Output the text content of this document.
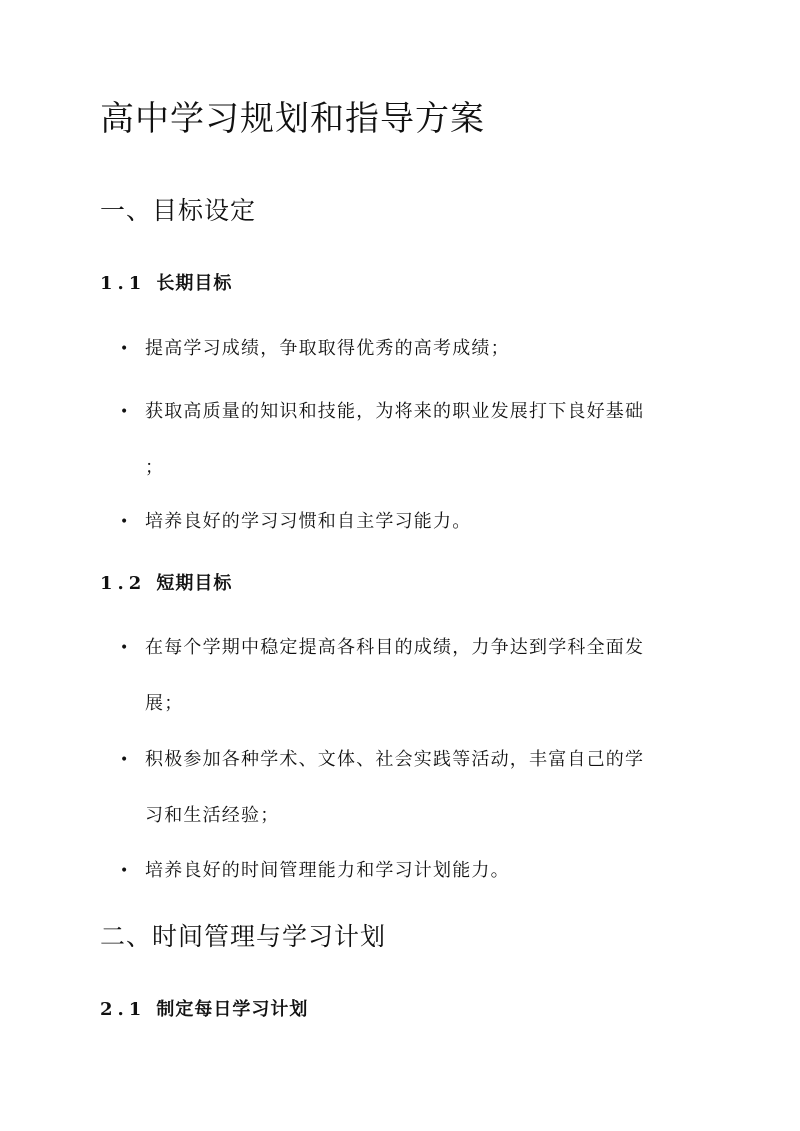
高中学习规划和指导方案
一、目标设定
1.1 长期目标
• 提高学习成绩，争取取得优秀的高考成绩；
• 获取高质量的知识和技能，为将来的职业发展打下良好基础
；
• 培养良好的学习习惯和自主学习能力。
1.2 短期目标
• 在每个学期中稳定提高各科目的成绩，力争达到学科全面发
展；
• 积极参加各种学术、文体、社会实践等活动，丰富自己的学
习和生活经验；
• 培养良好的时间管理能力和学习计划能力。
二、时间管理与学习计划
2.1 制定每日学习计划
